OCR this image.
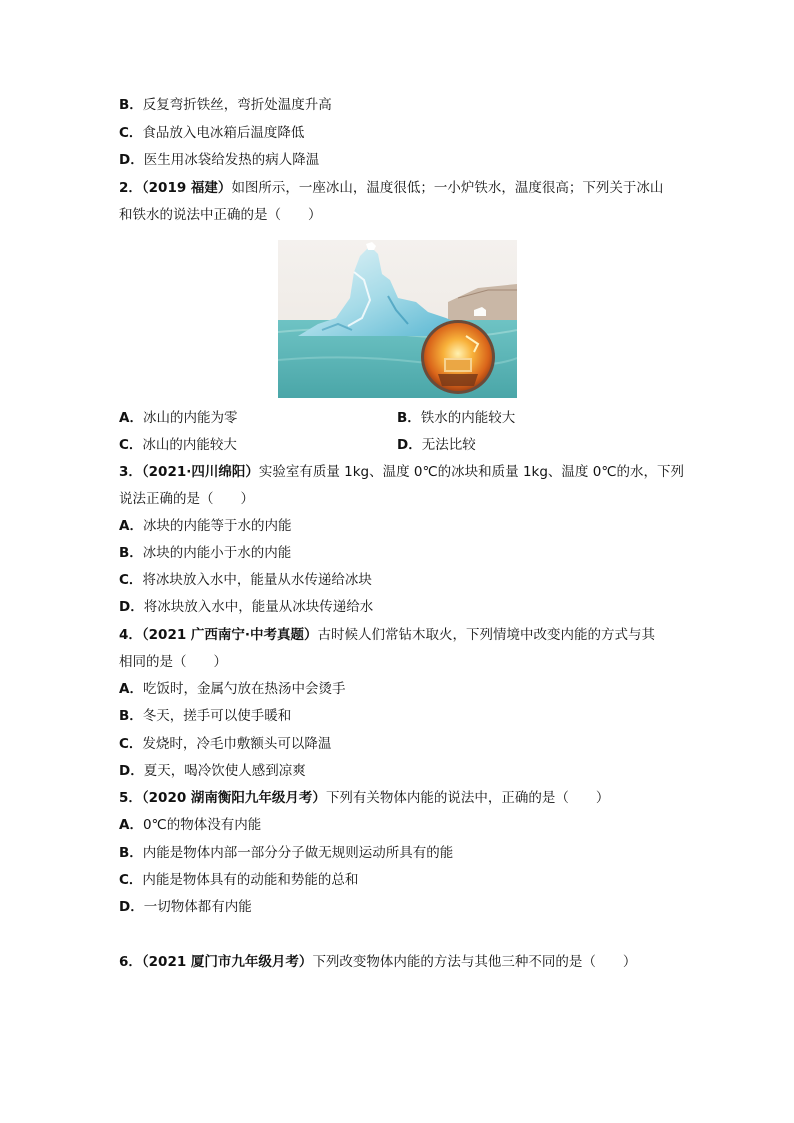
B．反复弯折铁丝，弯折处温度升高
C．食品放入电冰箱后温度降低
D．医生用冰袋给发热的病人降温
2．（2019 福建）如图所示，一座冰山，温度很低；一小炉铁水，温度很高；下列关于冰山
和铁水的说法中正确的是（　　）
A．冰山的内能为零	B．铁水的内能较大
C．冰山的内能较大	D．无法比较
3．（2021·四川绵阳）实验室有质量 1kg、温度 0℃的冰块和质量 1kg、温度 0℃的水，下列
说法正确的是（　　）
A．冰块的内能等于水的内能
B．冰块的内能小于水的内能
C．将冰块放入水中，能量从水传递给冰块
D．将冰块放入水中，能量从冰块传递给水
4．（2021 广西南宁·中考真题）古时候人们常钻木取火，下列情境中改变内能的方式与其
相同的是（　　）
A．吃饭时，金属勺放在热汤中会烫手
B．冬天，搓手可以使手暖和
C．发烧时，冷毛巾敷额头可以降温
D．夏天，喝冷饮使人感到凉爽
5．（2020 湖南衡阳九年级月考）下列有关物体内能的说法中，正确的是（　　）
A．0℃的物体没有内能
B．内能是物体内部一部分分子做无规则运动所具有的能
C．内能是物体具有的动能和势能的总和
D．一切物体都有内能
6．（2021 厦门市九年级月考）下列改变物体内能的方法与其他三种不同的是（　　）
